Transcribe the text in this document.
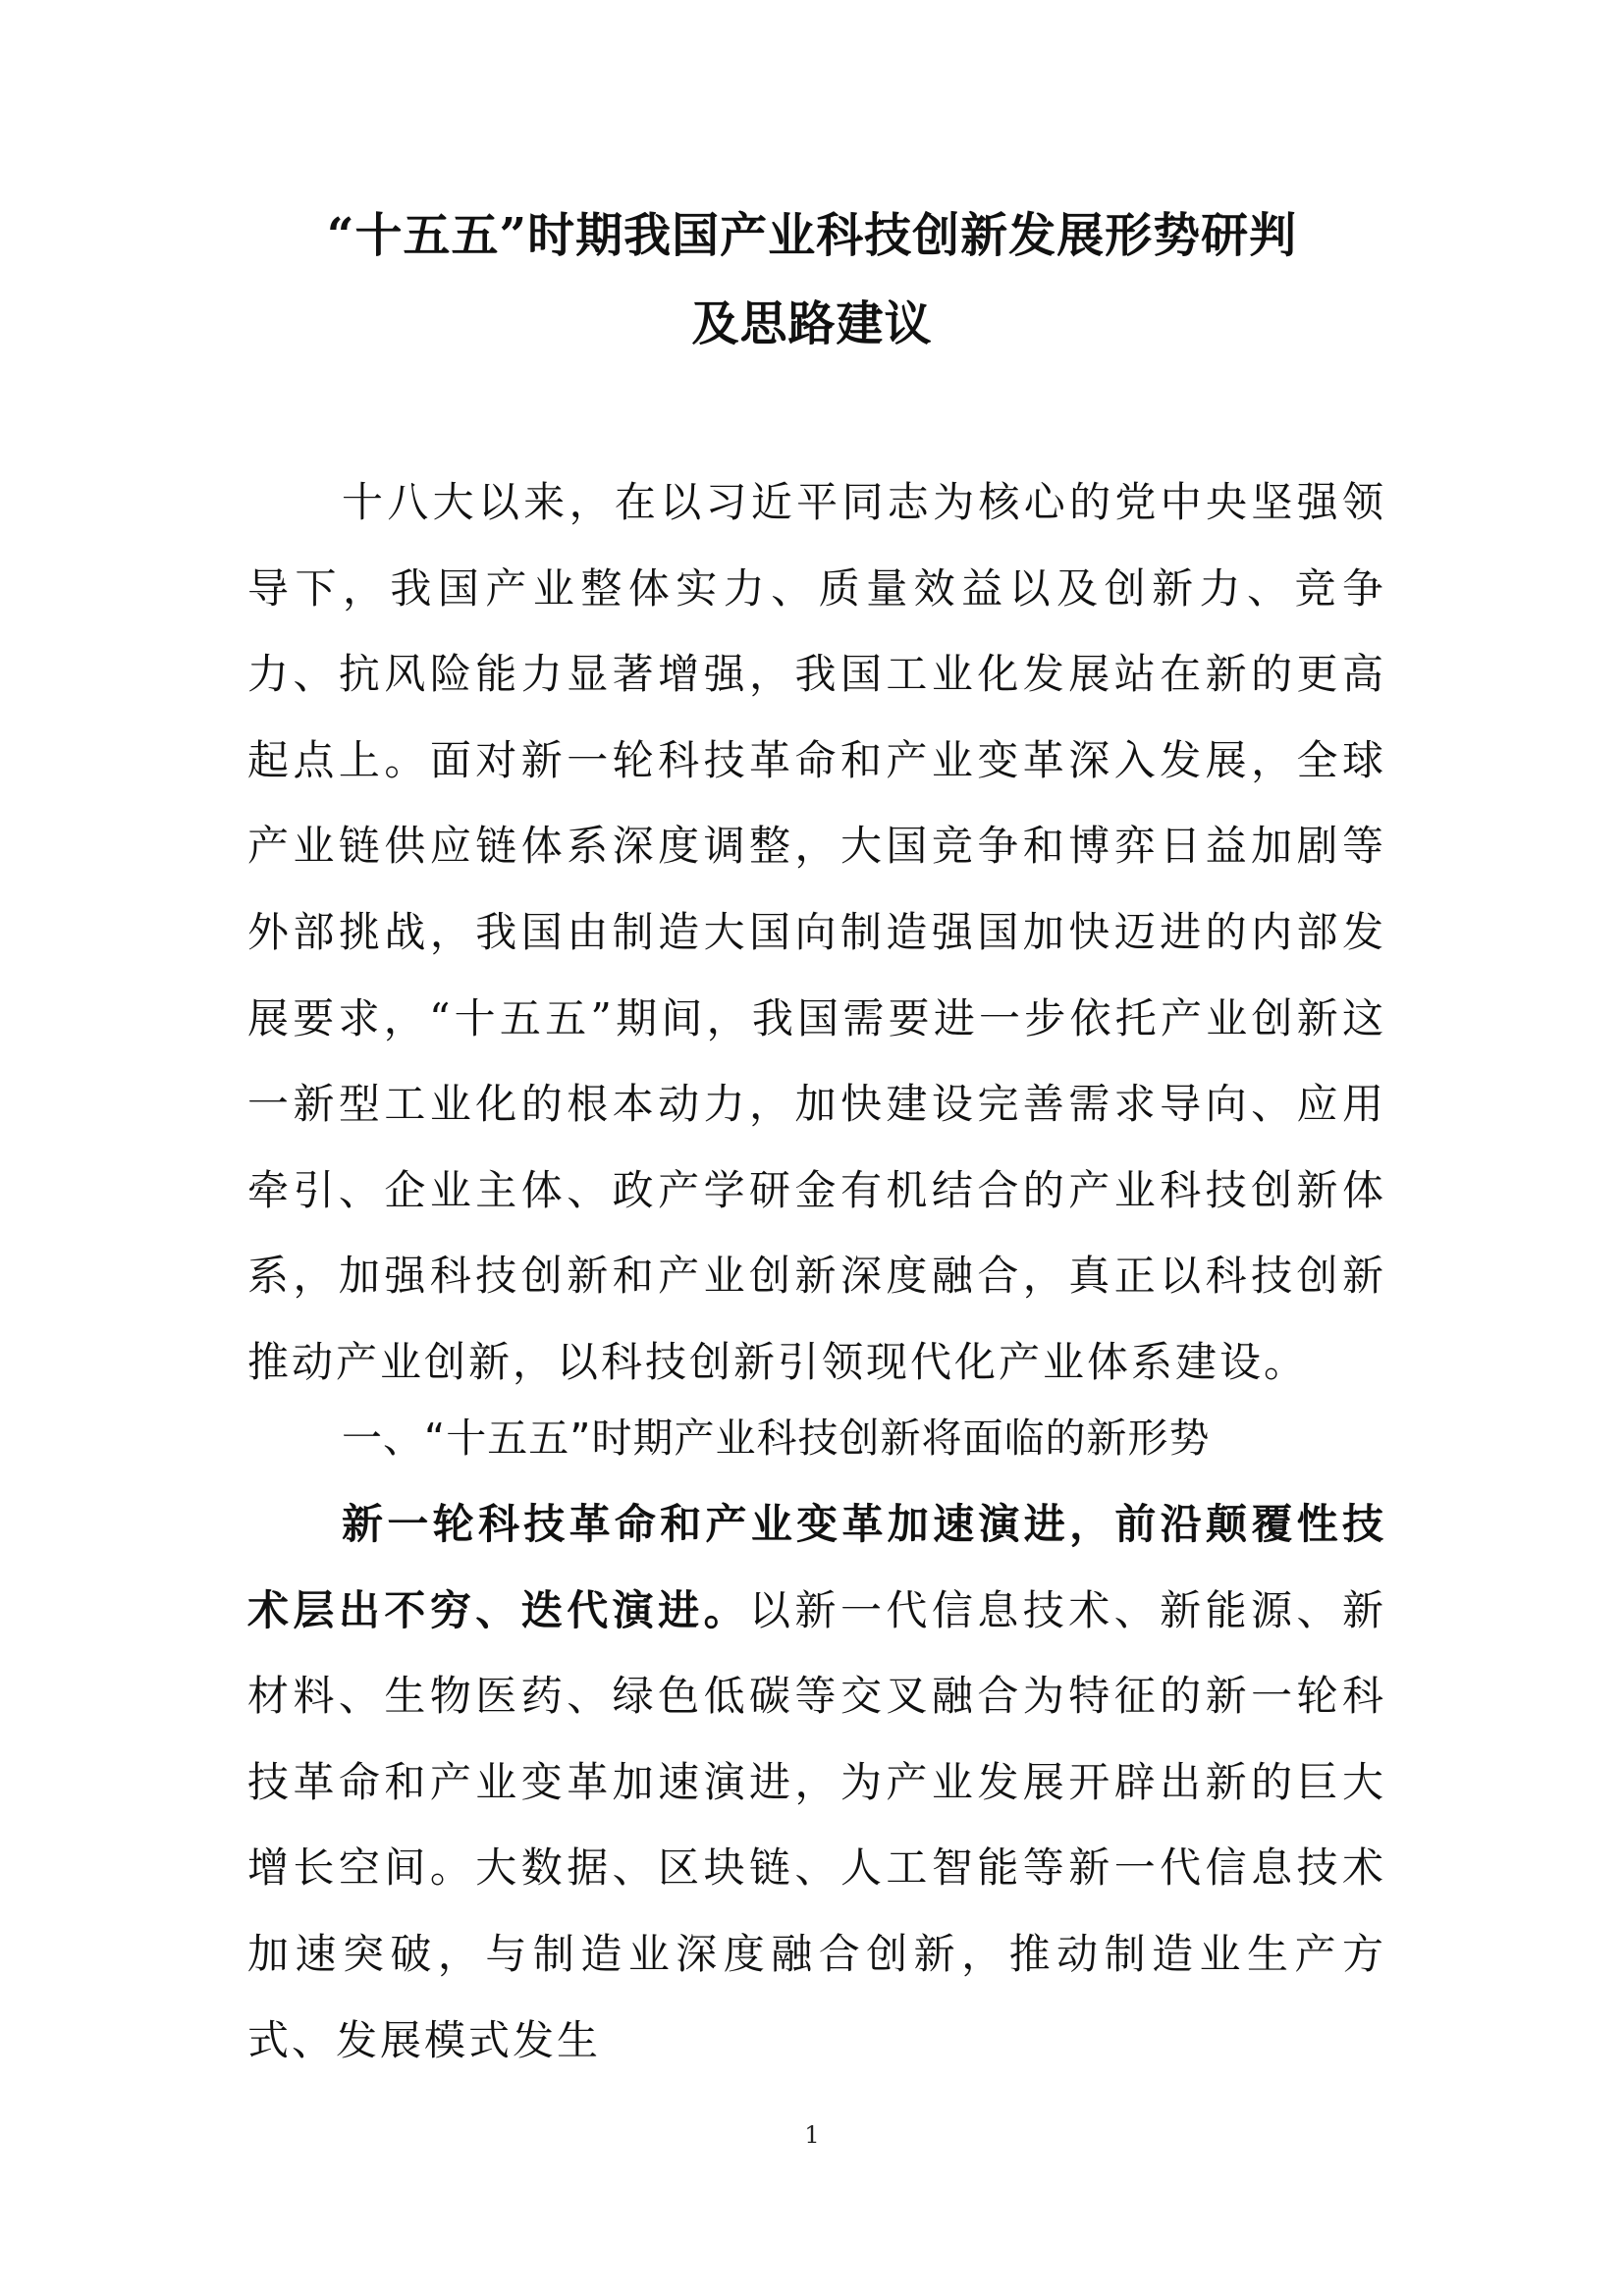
“十五五”时期我国产业科技创新发展形势研判
及思路建议

十八大以来，在以习近平同志为核心的党中央坚强领导下，我国产业整体实力、质量效益以及创新力、竞争力、抗风险能力显著增强，我国工业化发展站在新的更高起点上。面对新一轮科技革命和产业变革深入发展，全球产业链供应链体系深度调整，大国竞争和博弈日益加剧等外部挑战，我国由制造大国向制造强国加快迈进的内部发展要求，“十五五”期间，我国需要进一步依托产业创新这一新型工业化的根本动力，加快建设完善需求导向、应用牵引、企业主体、政产学研金有机结合的产业科技创新体系，加强科技创新和产业创新深度融合，真正以科技创新推动产业创新，以科技创新引领现代化产业体系建设。

一、“十五五”时期产业科技创新将面临的新形势

新一轮科技革命和产业变革加速演进，前沿颠覆性技术层出不穷、迭代演进。以新一代信息技术、新能源、新材料、生物医药、绿色低碳等交叉融合为特征的新一轮科技革命和产业变革加速演进，为产业发展开辟出新的巨大增长空间。大数据、区块链、人工智能等新一代信息技术加速突破，与制造业深度融合创新，推动制造业生产方式、发展模式发生

1
